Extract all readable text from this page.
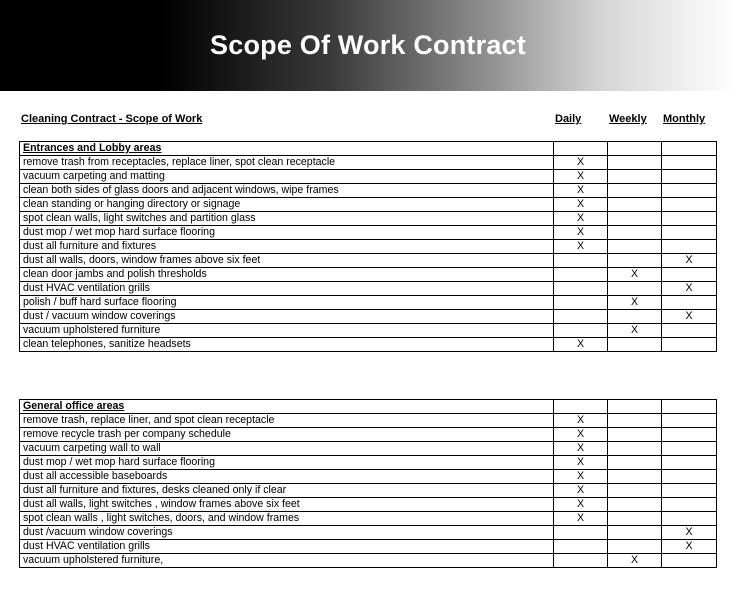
Scope Of Work Contract
Cleaning Contract - Scope of Work	Daily	Weekly Monthly
Entrances and Lobby areas			
remove trash from receptacles, replace liner, spot clean receptacle	X		
vacuum carpeting and matting	X		
clean both sides of glass doors and adjacent windows, wipe frames	X		
clean standing or hanging directory or signage	X		
spot clean walls, light switches and partition glass	X		
dust mop / wet mop hard surface flooring	X		
dust all furniture and fixtures	X		
dust all walls, doors, window frames above six feet			X
clean door jambs and polish thresholds		X	
dust HVAC ventilation grills			X
polish / buff hard surface flooring		X	
dust / vacuum window coverings			X
vacuum upholstered furniture		X	
clean telephones, sanitize headsets	X		
General office areas			
remove trash, replace liner, and spot clean receptacle	X		
remove recycle trash per company schedule	X		
vacuum carpeting wall to wall	X		
dust mop / wet mop hard surface flooring	X		
dust all accessible baseboards	X		
dust all furniture and fixtures, desks cleaned only if clear	X		
dust all walls, light switches , window frames above six feet	X		
spot clean walls , light switches, doors, and window frames	X		
dust /vacuum window coverings			X
dust HVAC ventilation grills			X
vacuum upholstered furniture,		X	
